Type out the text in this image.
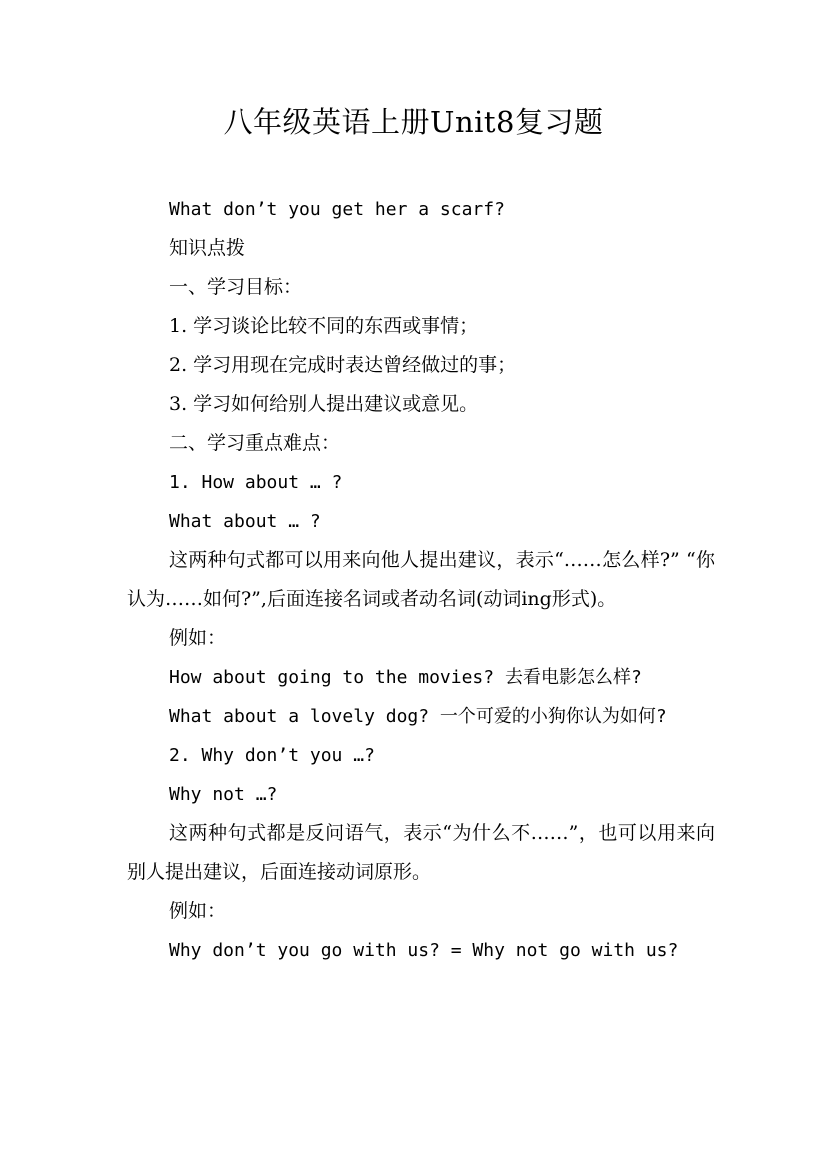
八年级英语上册Unit8复习题

What don’t you get her a scarf?

知识点拨

一、学习目标：

1. 学习谈论比较不同的东西或事情；

2. 学习用现在完成时表达曾经做过的事；

3. 学习如何给别人提出建议或意见。

二、学习重点难点：

1. How about … ?

What about … ?

这两种句式都可以用来向他人提出建议，表示“……怎么样?” “你认为……如何?”,后面连接名词或者动名词(动词ing形式)。

例如：

How about going to the movies? 去看电影怎么样?

What about a lovely dog? 一个可爱的小狗你认为如何?

2. Why don’t you …?

Why not …?

这两种句式都是反问语气，表示“为什么不……”，也可以用来向别人提出建议，后面连接动词原形。

例如：

Why don’t you go with us? = Why not go with us?
